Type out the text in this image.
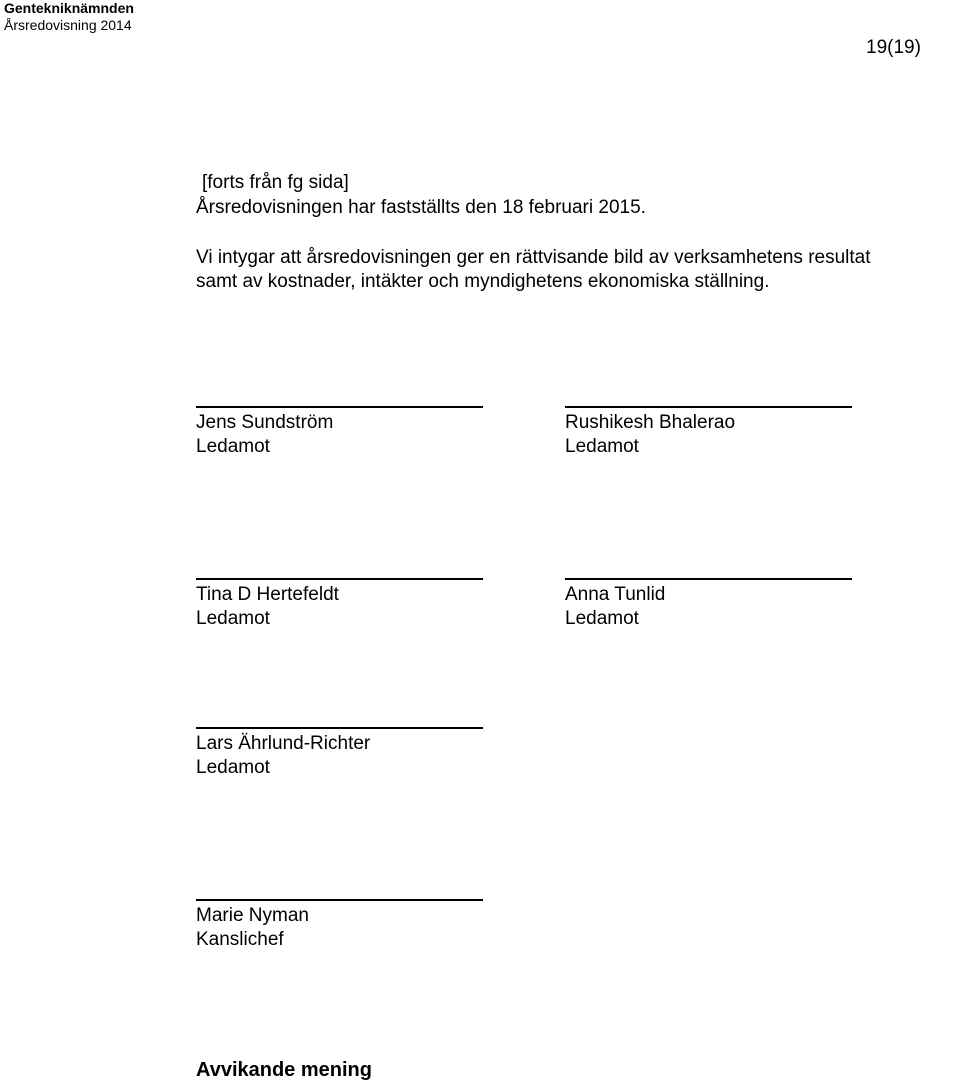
Gentekniknämnden
Årsredovisning 2014
19(19)
[forts från fg sida]
Årsredovisningen har fastställts den 18 februari 2015.
Vi intygar att årsredovisningen ger en rättvisande bild av verksamhetens resultat
samt av kostnader, intäkter och myndighetens ekonomiska ställning.
Jens Sundström
Ledamot
Rushikesh Bhalerao
Ledamot
Tina D Hertefeldt
Ledamot
Anna Tunlid
Ledamot
Lars Ährlund-Richter
Ledamot
Marie Nyman
Kanslichef
Avvikande mening
